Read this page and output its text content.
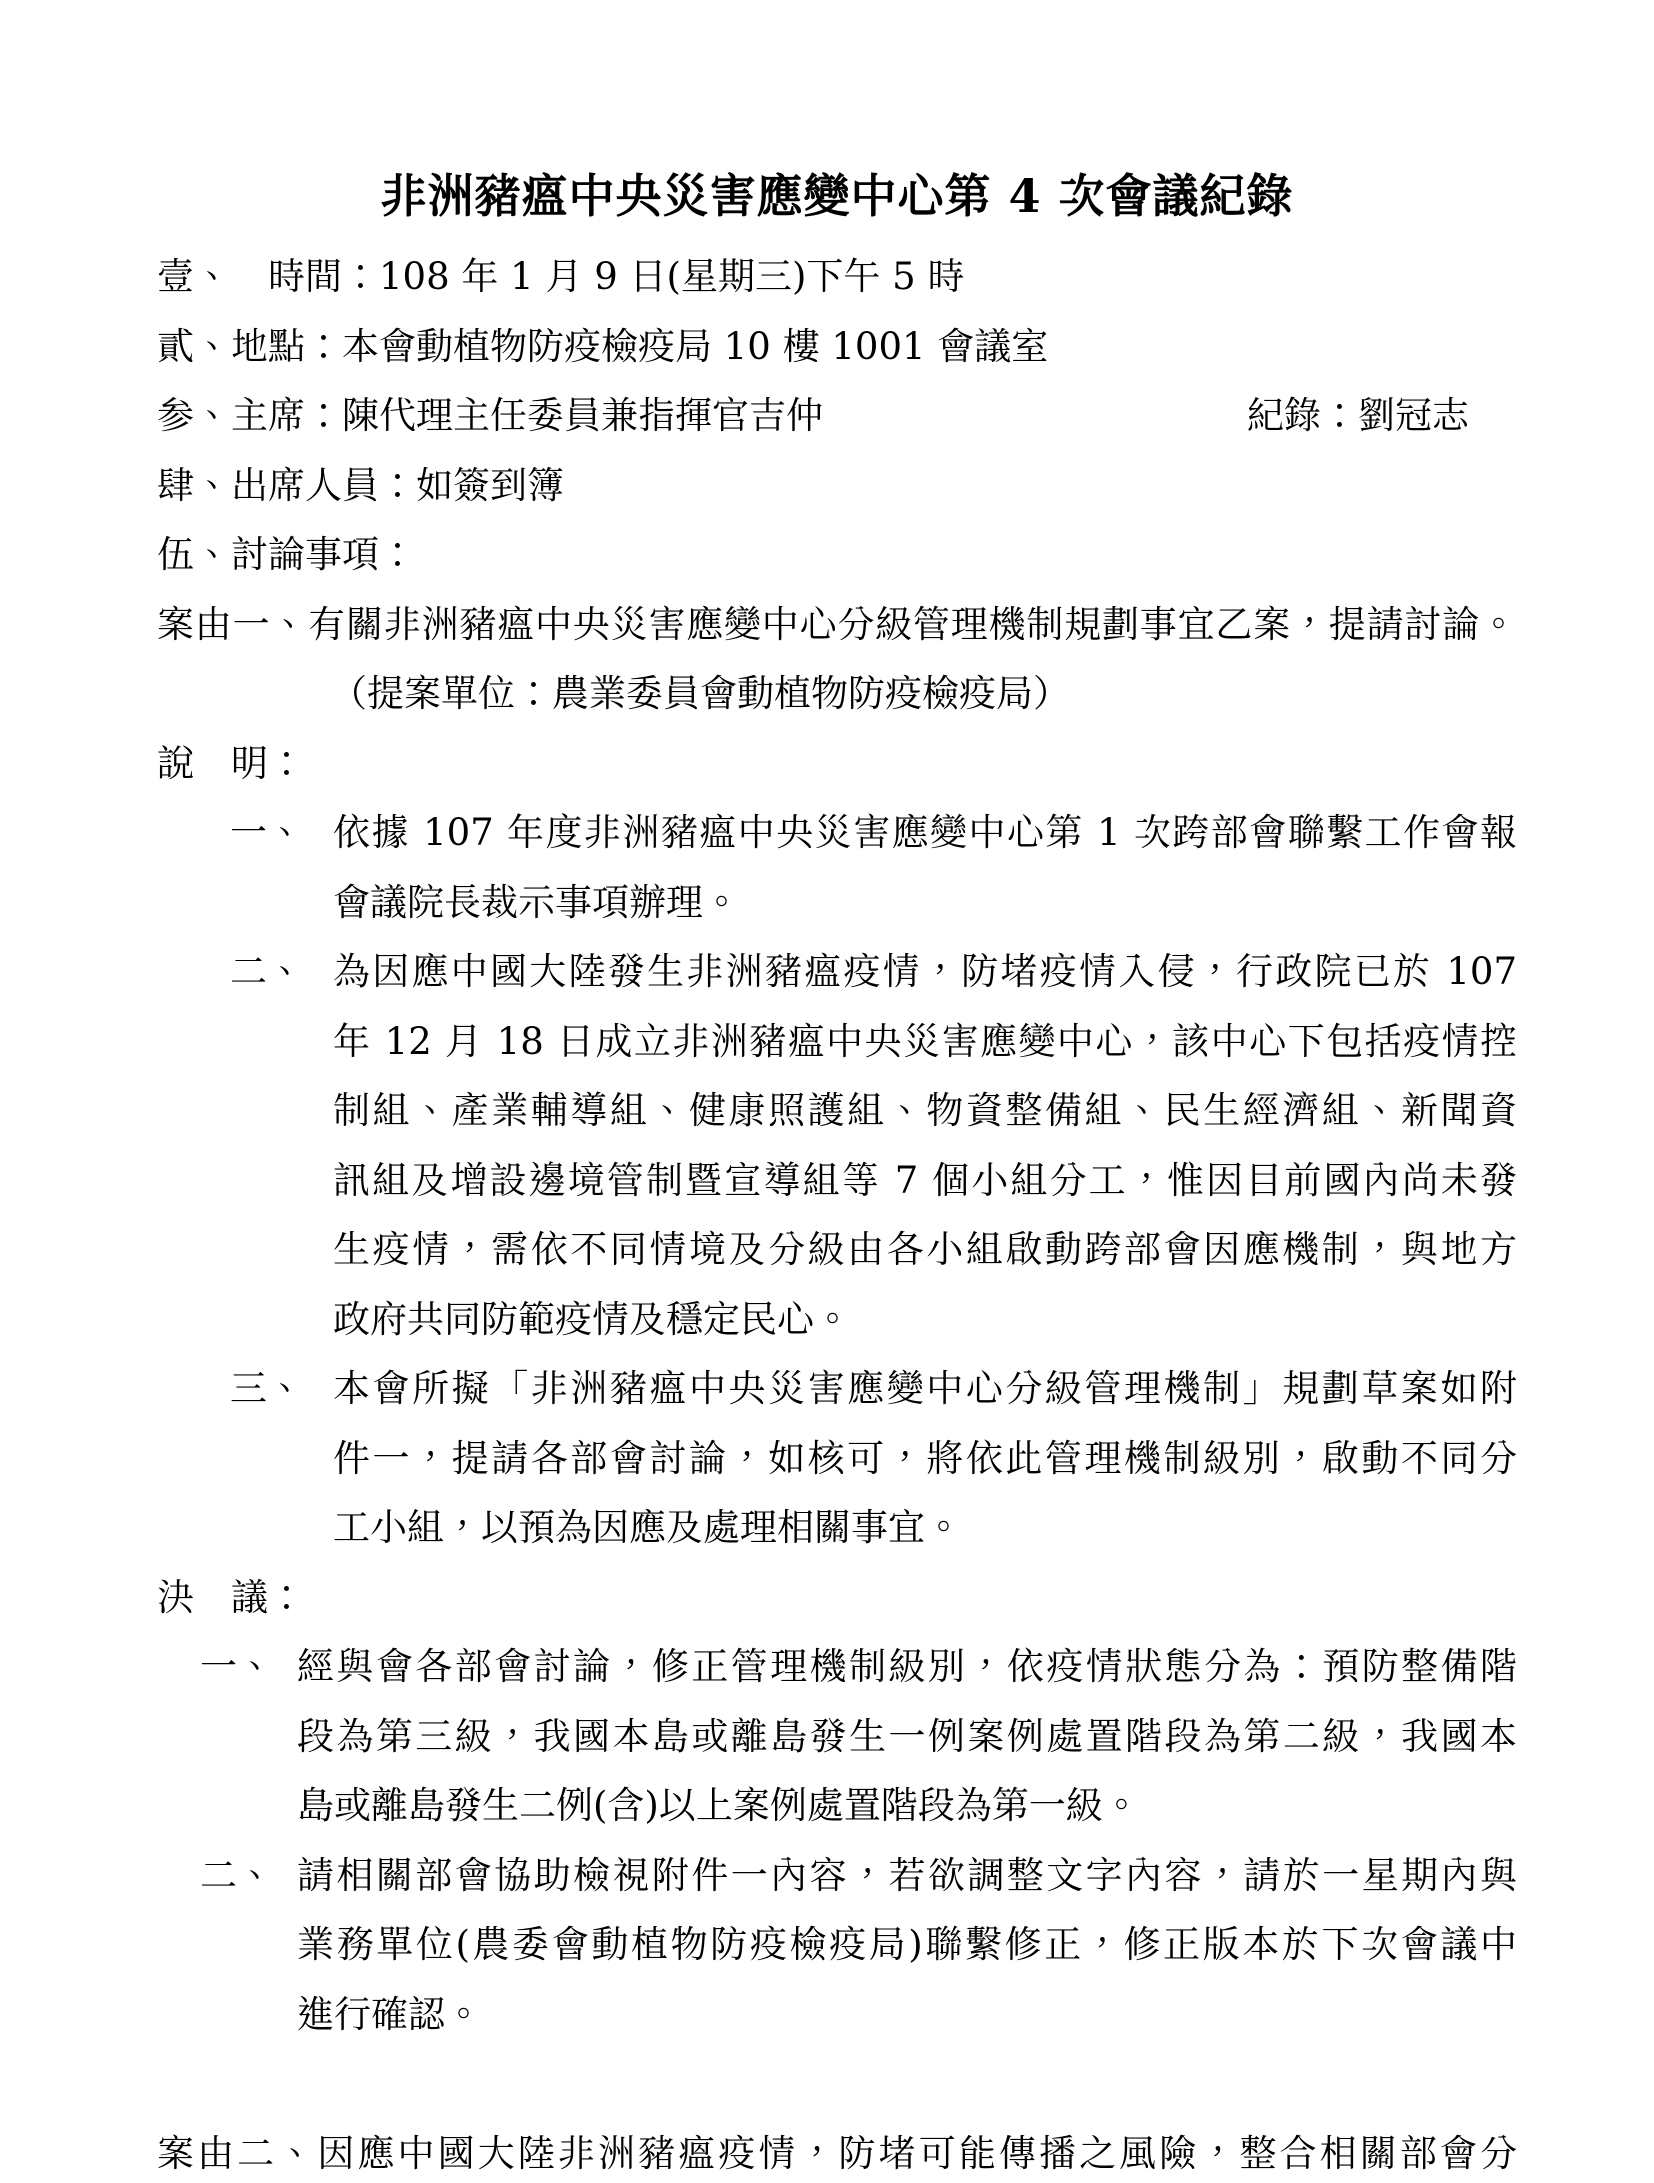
非洲豬瘟中央災害應變中心第 4 次會議紀錄
壹、　時間：108 年 1 月 9 日(星期三)下午 5 時
貳、地點：本會動植物防疫檢疫局 10 樓 1001 會議室
参、主席：陳代理主任委員兼指揮官吉仲	紀錄：劉冠志
肆、出席人員：如簽到簿
伍、討論事項：
案由一、有關非洲豬瘟中央災害應變中心分級管理機制規劃事宜乙案，提請討論。
（提案單位：農業委員會動植物防疫檢疫局）
說　明：
一、 依據 107 年度非洲豬瘟中央災害應變中心第 1 次跨部會聯繫工作會報
會議院長裁示事項辦理。
二、 為因應中國大陸發生非洲豬瘟疫情，防堵疫情入侵，行政院已於 107
年 12 月 18 日成立非洲豬瘟中央災害應變中心，該中心下包括疫情控
制組、產業輔導組、健康照護組、物資整備組、民生經濟組、新聞資
訊組及增設邊境管制暨宣導組等 7 個小組分工，惟因目前國內尚未發
生疫情，需依不同情境及分級由各小組啟動跨部會因應機制，與地方
政府共同防範疫情及穩定民心。
三、 本會所擬「非洲豬瘟中央災害應變中心分級管理機制」規劃草案如附
件一，提請各部會討論，如核可，將依此管理機制級別，啟動不同分
工小組，以預為因應及處理相關事宜。
決　議：
一、 經與會各部會討論，修正管理機制級別，依疫情狀態分為：預防整備階
段為第三級，我國本島或離島發生一例案例處置階段為第二級，我國本
島或離島發生二例(含)以上案例處置階段為第一級。
二、 請相關部會協助檢視附件一內容，若欲調整文字內容，請於一星期內與
業務單位(農委會動植物防疫檢疫局)聯繫修正，修正版本於下次會議中
進行確認。
案由二、因應中國大陸非洲豬瘟疫情，防堵可能傳播之風險，整合相關部會分
